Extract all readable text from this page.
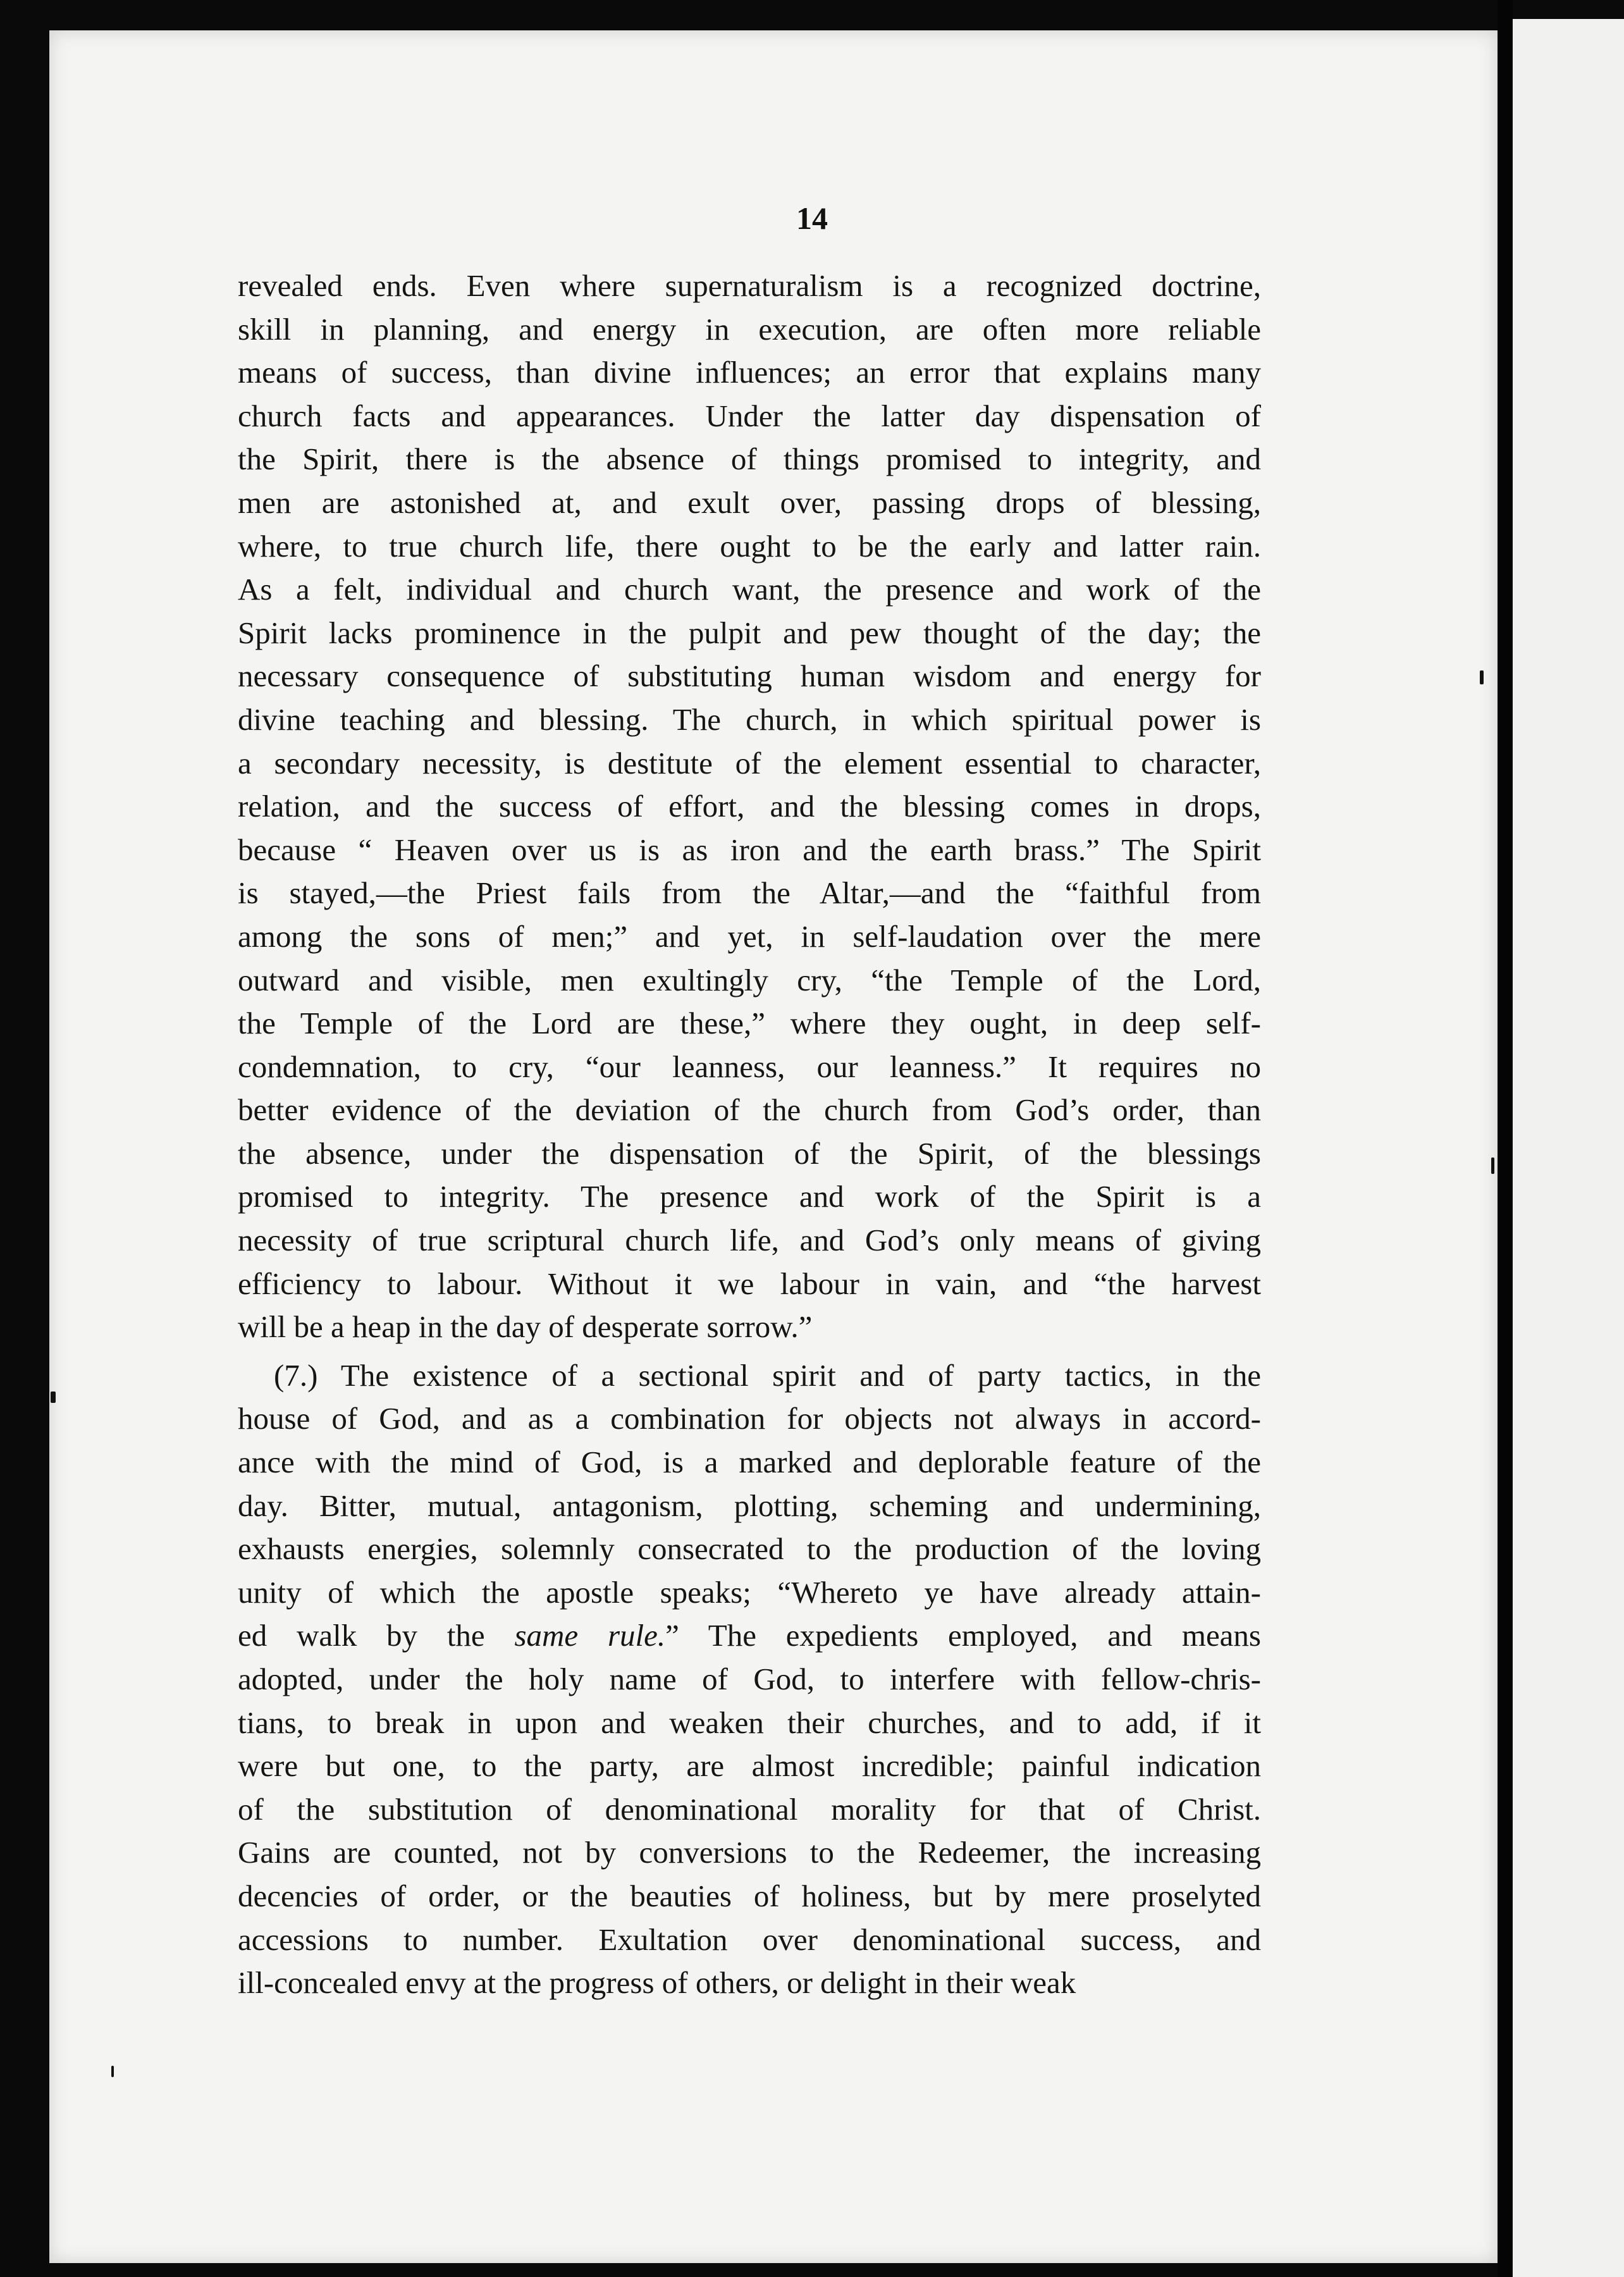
14
revealed ends. Even where supernaturalism is a recognized doctrine,
skill in planning, and energy in execution, are often more reliable
means of success, than divine influences; an error that explains many
church facts and appearances. Under the latter day dispensation of
the Spirit, there is the absence of things promised to integrity, and
men are astonished at, and exult over, passing drops of blessing,
where, to true church life, there ought to be the early and latter rain.
As a felt, individual and church want, the presence and work of the
Spirit lacks prominence in the pulpit and pew thought of the day; the
necessary consequence of substituting human wisdom and energy for
divine teaching and blessing. The church, in which spiritual power is
a secondary necessity, is destitute of the element essential to character,
relation, and the success of effort, and the blessing comes in drops,
because “ Heaven over us is as iron and the earth brass.” The Spirit
is stayed,—the Priest fails from the Altar,—and the “faithful from
among the sons of men;” and yet, in self-laudation over the mere
outward and visible, men exultingly cry, “the Temple of the Lord,
the Temple of the Lord are these,” where they ought, in deep self-
condemnation, to cry, “our leanness, our leanness.” It requires no
better evidence of the deviation of the church from God’s order, than
the absence, under the dispensation of the Spirit, of the blessings
promised to integrity. The presence and work of the Spirit is a
necessity of true scriptural church life, and God’s only means of giving
efficiency to labour. Without it we labour in vain, and “the harvest
will be a heap in the day of desperate sorrow.”
(7.) The existence of a sectional spirit and of party tactics, in the
house of God, and as a combination for objects not always in accord-
ance with the mind of God, is a marked and deplorable feature of the
day. Bitter, mutual, antagonism, plotting, scheming and undermining,
exhausts energies, solemnly consecrated to the production of the loving
unity of which the apostle speaks; “Whereto ye have already attain-
ed walk by the same rule.” The expedients employed, and means
adopted, under the holy name of God, to interfere with fellow-chris-
tians, to break in upon and weaken their churches, and to add, if it
were but one, to the party, are almost incredible; painful indication
of the substitution of denominational morality for that of Christ.
Gains are counted, not by conversions to the Redeemer, the increasing
decencies of order, or the beauties of holiness, but by mere proselyted
accessions to number. Exultation over denominational success, and
ill-concealed envy at the progress of others, or delight in their weak
